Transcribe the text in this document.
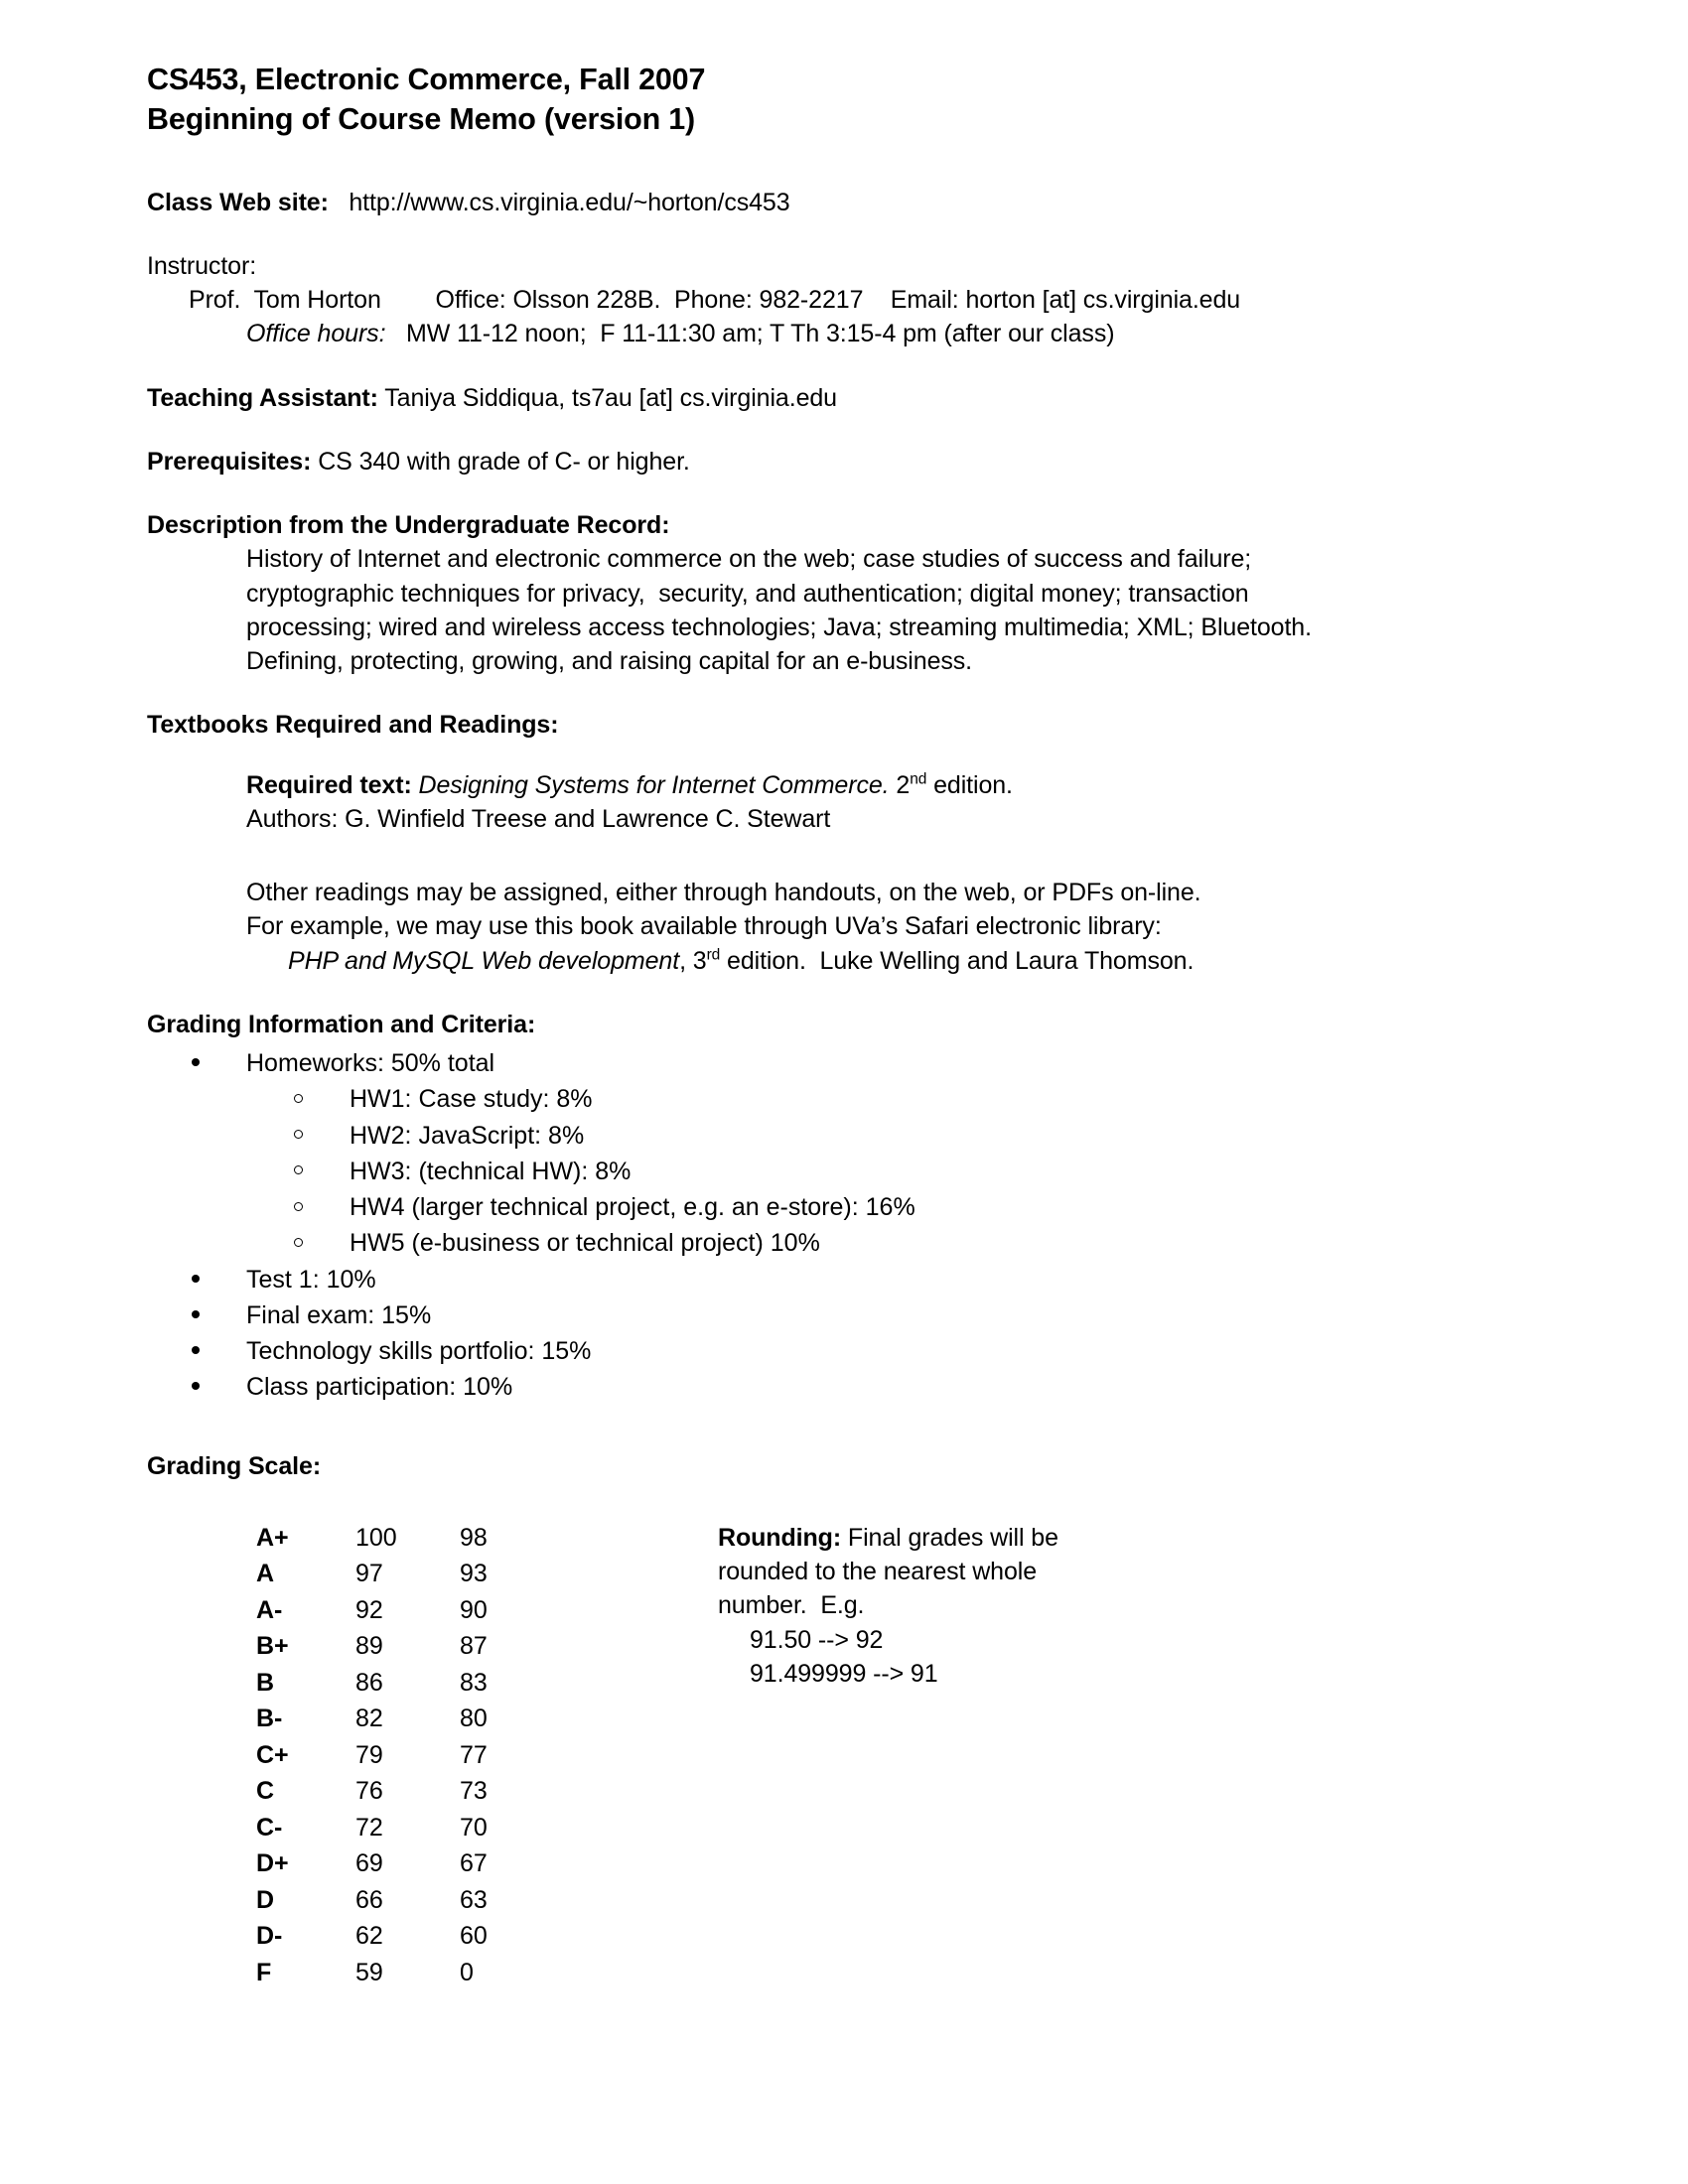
CS453, Electronic Commerce, Fall 2007
Beginning of Course Memo (version 1)
Class Web site: http://www.cs.virginia.edu/~horton/cs453
Instructor:
Prof.  Tom Horton Office: Olsson 228B.  Phone: 982-2217    Email: horton [at] cs.virginia.edu
Office hours: MW 11-12 noon;  F 11-11:30 am; T Th 3:15-4 pm (after our class)
Teaching Assistant: Taniya Siddiqua, ts7au [at] cs.virginia.edu
Prerequisites: CS 340 with grade of C- or higher.
Description from the Undergraduate Record:
History of Internet and electronic commerce on the web; case studies of success and failure;
cryptographic techniques for privacy,  security, and authentication; digital money; transaction
processing; wired and wireless access technologies; Java; streaming multimedia; XML; Bluetooth.
Defining, protecting, growing, and raising capital for an e-business.
Textbooks Required and Readings:
Required text: Designing Systems for Internet Commerce. 2nd edition.
Authors: G. Winfield Treese and Lawrence C. Stewart
Other readings may be assigned, either through handouts, on the web, or PDFs on-line.
For example, we may use this book available through UVa’s Safari electronic library:
PHP and MySQL Web development, 3rd edition.  Luke Welling and Laura Thomson.
Grading Information and Criteria:
Homeworks: 50% total
HW1: Case study: 8%
HW2: JavaScript: 8%
HW3: (technical HW): 8%
HW4 (larger technical project, e.g. an e-store): 16%
HW5 (e-business or technical project) 10%
Test 1: 10%
Final exam: 15%
Technology skills portfolio: 15%
Class participation: 10%
Grading Scale:
A+	100	98
A	97	93
A-	92	90
B+	89	87
B	86	83
B-	82	80
C+	79	77
C	76	73
C-	72	70
D+	69	67
D	66	63
D-	62	60
F	59	0
Rounding: Final grades will be
rounded to the nearest whole
number.  E.g.
91.50 --> 92
91.499999 --> 91
